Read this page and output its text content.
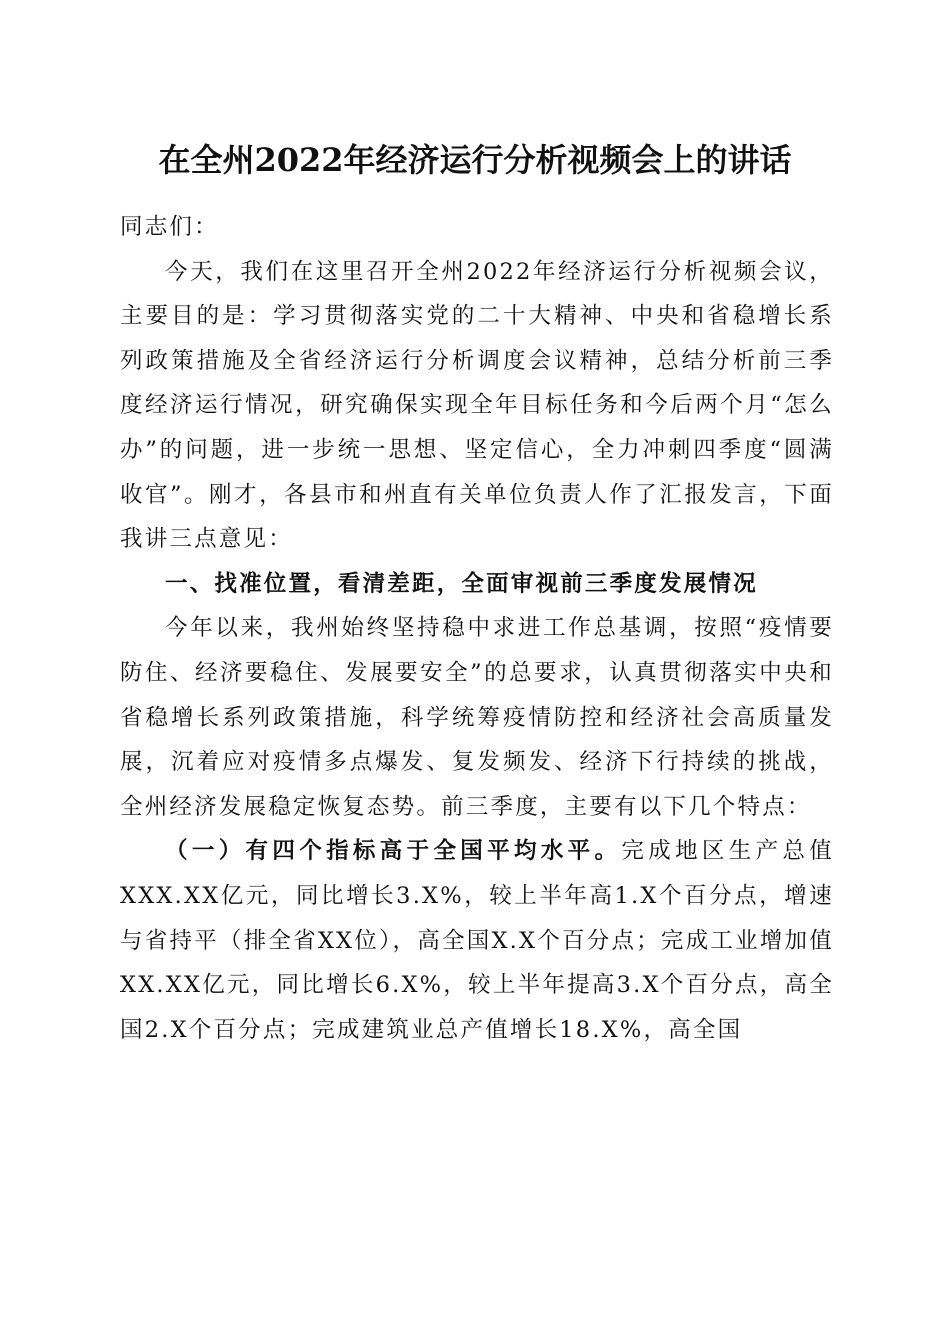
在全州2022年经济运行分析视频会上的讲话

同志们：

今天，我们在这里召开全州2022年经济运行分析视频会议，主要目的是：学习贯彻落实党的二十大精神、中央和省稳增长系列政策措施及全省经济运行分析调度会议精神，总结分析前三季度经济运行情况，研究确保实现全年目标任务和今后两个月“怎么办”的问题，进一步统一思想、坚定信心，全力冲刺四季度“圆满收官”。刚才，各县市和州直有关单位负责人作了汇报发言，下面我讲三点意见：

一、找准位置，看清差距，全面审视前三季度发展情况

今年以来，我州始终坚持稳中求进工作总基调，按照“疫情要防住、经济要稳住、发展要安全”的总要求，认真贯彻落实中央和省稳增长系列政策措施，科学统筹疫情防控和经济社会高质量发展，沉着应对疫情多点爆发、复发频发、经济下行持续的挑战，全州经济发展稳定恢复态势。前三季度，主要有以下几个特点：

（一）有四个指标高于全国平均水平。完成地区生产总值XXX.XX亿元，同比增长3.X%，较上半年高1.X个百分点，增速与省持平（排全省XX位），高全国X.X个百分点；完成工业增加值XX.XX亿元，同比增长6.X%，较上半年提高3.X个百分点，高全国2.X个百分点；完成建筑业总产值增长18.X%，高全国
